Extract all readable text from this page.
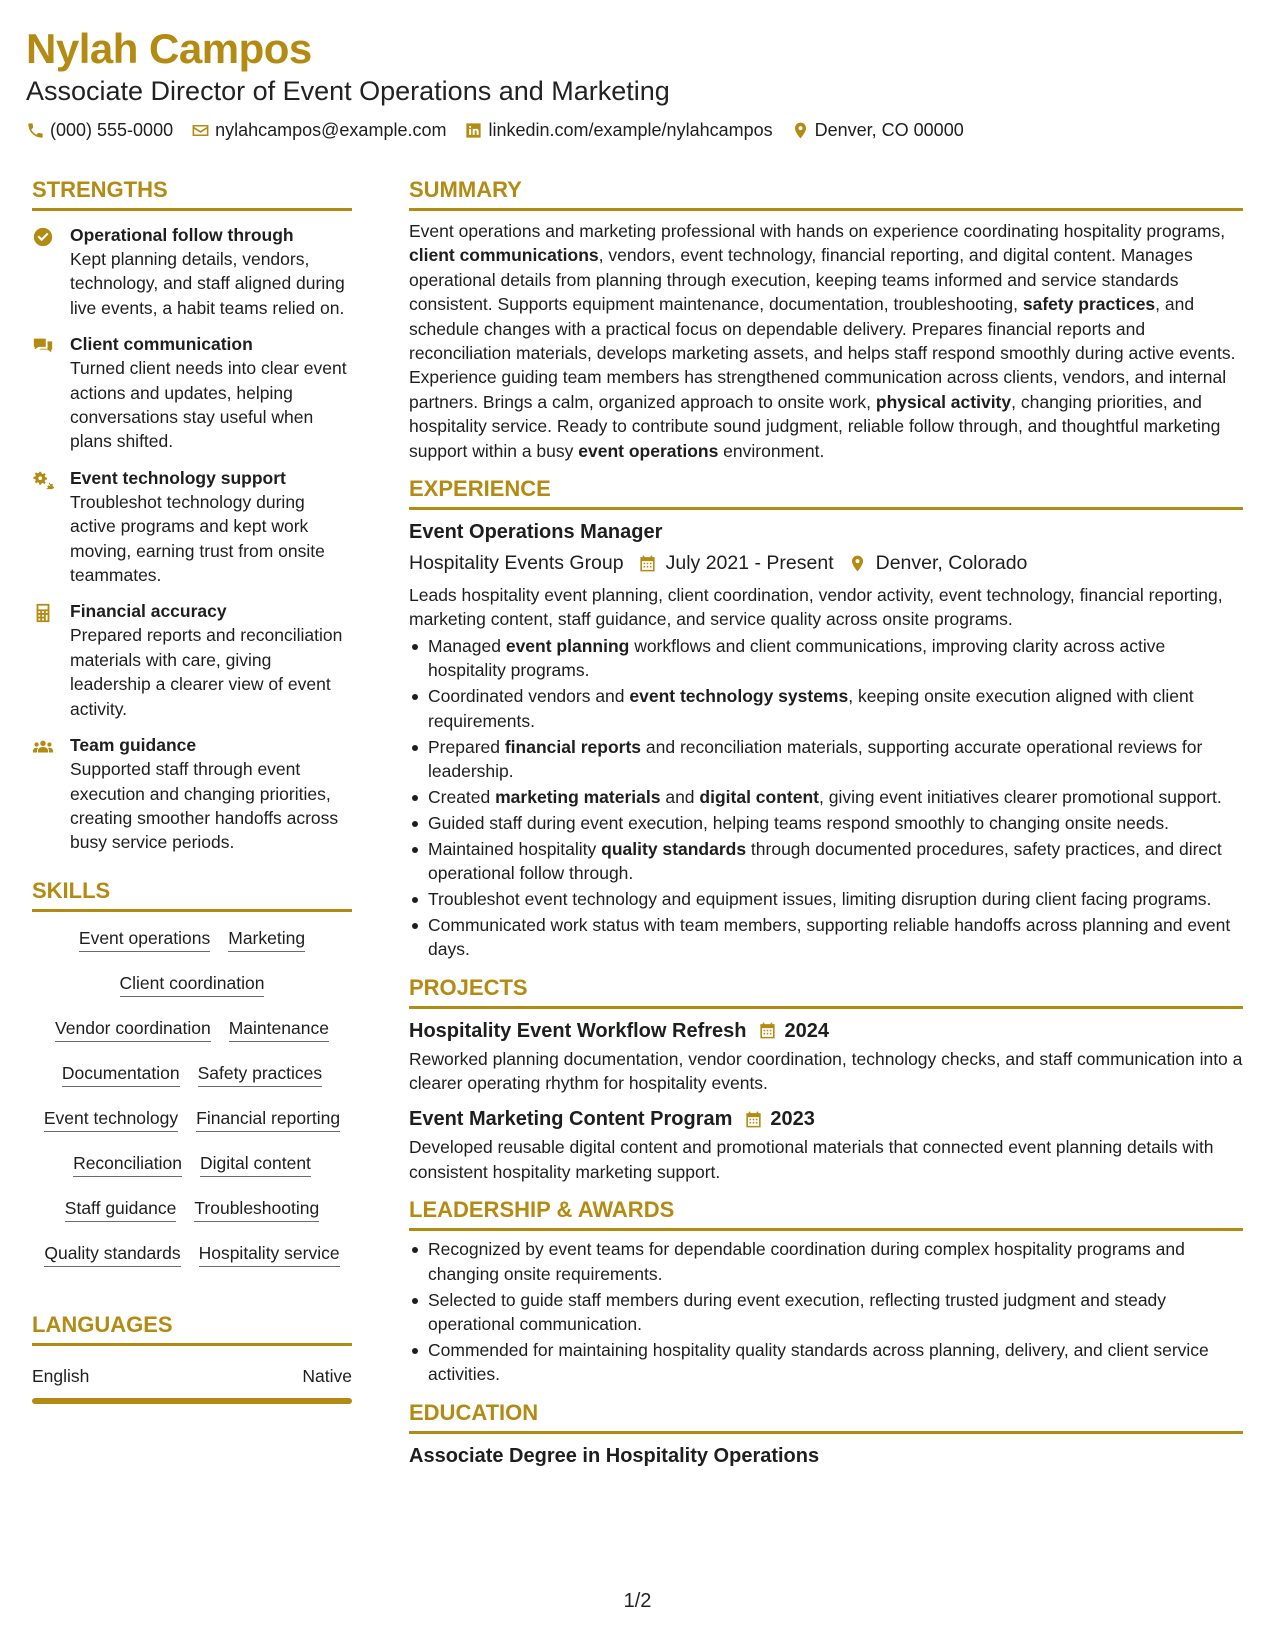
Nylah Campos
Associate Director of Event Operations and Marketing
(000) 555-0000 nylahcampos@example.com linkedin.com/example/nylahcampos Denver, CO 00000
STRENGTHS
Operational follow through
Kept planning details, vendors, technology, and staff aligned during live events, a habit teams relied on.
Client communication
Turned client needs into clear event actions and updates, helping conversations stay useful when plans shifted.
Event technology support
Troubleshot technology during active programs and kept work moving, earning trust from onsite teammates.
Financial accuracy
Prepared reports and reconciliation materials with care, giving leadership a clearer view of event activity.
Team guidance
Supported staff through event execution and changing priorities, creating smoother handoffs across busy service periods.
SKILLS
Event operations Marketing
Client coordination
Vendor coordination Maintenance
Documentation Safety practices
Event technology Financial reporting
Reconciliation Digital content
Staff guidance Troubleshooting
Quality standards Hospitality service
LANGUAGES
English	Native
SUMMARY
Event operations and marketing professional with hands on experience coordinating hospitality programs, client communications, vendors, event technology, financial reporting, and digital content. Manages operational details from planning through execution, keeping teams informed and service standards consistent. Supports equipment maintenance, documentation, troubleshooting, safety practices, and schedule changes with a practical focus on dependable delivery. Prepares financial reports and reconciliation materials, develops marketing assets, and helps staff respond smoothly during active events. Experience guiding team members has strengthened communication across clients, vendors, and internal partners. Brings a calm, organized approach to onsite work, physical activity, changing priorities, and hospitality service. Ready to contribute sound judgment, reliable follow through, and thoughtful marketing support within a busy event operations environment.
EXPERIENCE
Event Operations Manager
Hospitality Events Group July 2021 - Present Denver, Colorado
Leads hospitality event planning, client coordination, vendor activity, event technology, financial reporting, marketing content, staff guidance, and service quality across onsite programs.
Managed event planning workflows and client communications, improving clarity across active hospitality programs.
Coordinated vendors and event technology systems, keeping onsite execution aligned with client requirements.
Prepared financial reports and reconciliation materials, supporting accurate operational reviews for leadership.
Created marketing materials and digital content, giving event initiatives clearer promotional support.
Guided staff during event execution, helping teams respond smoothly to changing onsite needs.
Maintained hospitality quality standards through documented procedures, safety practices, and direct operational follow through.
Troubleshot event technology and equipment issues, limiting disruption during client facing programs.
Communicated work status with team members, supporting reliable handoffs across planning and event days.
PROJECTS
Hospitality Event Workflow Refresh 2024
Reworked planning documentation, vendor coordination, technology checks, and staff communication into a clearer operating rhythm for hospitality events.
Event Marketing Content Program 2023
Developed reusable digital content and promotional materials that connected event planning details with consistent hospitality marketing support.
LEADERSHIP & AWARDS
Recognized by event teams for dependable coordination during complex hospitality programs and changing onsite requirements.
Selected to guide staff members during event execution, reflecting trusted judgment and steady operational communication.
Commended for maintaining hospitality quality standards across planning, delivery, and client service activities.
EDUCATION
Associate Degree in Hospitality Operations
1/2
